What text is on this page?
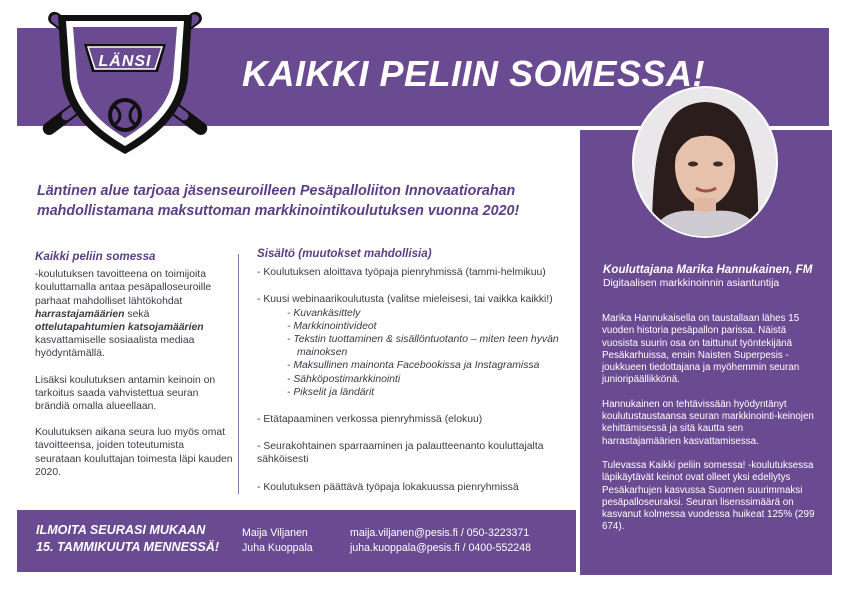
KAIKKI PELIIN SOMESSA!
LÄNSI
Läntinen alue tarjoaa jäsenseuroilleen Pesäpalloliiton Innovaatiorahan
mahdollistamana maksuttoman markkinointikoulutuksen vuonna 2020!
Kaikki peliin somessa

-koulutuksen tavoitteena on toimijoita kouluttamalla antaa pesäpalloseuroille parhaat mahdolliset lähtökohdat harrastajamäärien sekä ottelutapahtumien katsojamäärien kasvattamiselle sosiaalista mediaa hyödyntämällä.

Lisäksi koulutuksen antamin keinoin on tarkoitus saada vahvistettua seuran brändiä omalla alueellaan.

Koulutuksen aikana seura luo myös omat tavoitteensa, joiden toteutumista seurataan kouluttajan toimesta läpi kauden 2020.

Sisältö (muutokset mahdollisia)
- Koulutuksen aloittava työpaja pienryhmissä (tammi-helmikuu)
- Kuusi webinaarikoulutusta (valitse mieleisesi, tai vaikka kaikki!)
- Kuvankäsittely
- Markkinointivideot
- Tekstin tuottaminen & sisällöntuotanto – miten teen hyvän mainoksen
- Maksullinen mainonta Facebookissa ja Instagramissa
- Sähköpostimarkkinointi
- Pikselit ja ländärit
- Etätapaaminen verkossa pienryhmissä (elokuu)
- Seurakohtainen sparraaminen ja palautteenanto kouluttajalta sähköisesti
- Koulutuksen päättävä työpaja lokakuussa pienryhmissä
Kouluttajana Marika Hannukainen, FM
Digitaalisen markkinoinnin asiantuntija

Marika Hannukaisella on taustallaan lähes 15 vuoden historia pesäpallon parissa. Näistä vuosista suurin osa on taittunut työntekijänä Pesäkarhuissa, ensin Naisten Superpesis -joukkueen tiedottajana ja myöhemmin seuran junioripäällikkönä.

Hannukainen on tehtävissään hyödyntänyt koulutustaustaansa seuran markkinointi-keinojen kehittämisessä ja sitä kautta sen harrastajamäärien kasvattamisessa.

Tulevassa Kaikki peliin somessa! -koulutuksessa läpikäytävät keinot ovat olleet yksi edellytys Pesäkarhujen kasvussa Suomen suurimmaksi pesäpalloseuraksi. Seuran lisenssimäärä on kasvanut kolmessa vuodessa huikeat 125% (299 674).

ILMOITA SEURASI MUKAAN
15. TAMMIKUUTA MENNESSÄ!
Maija Viljanen
Juha Kuoppala
maija.viljanen@pesis.fi / 050-3223371
juha.kuoppala@pesis.fi / 0400-552248
